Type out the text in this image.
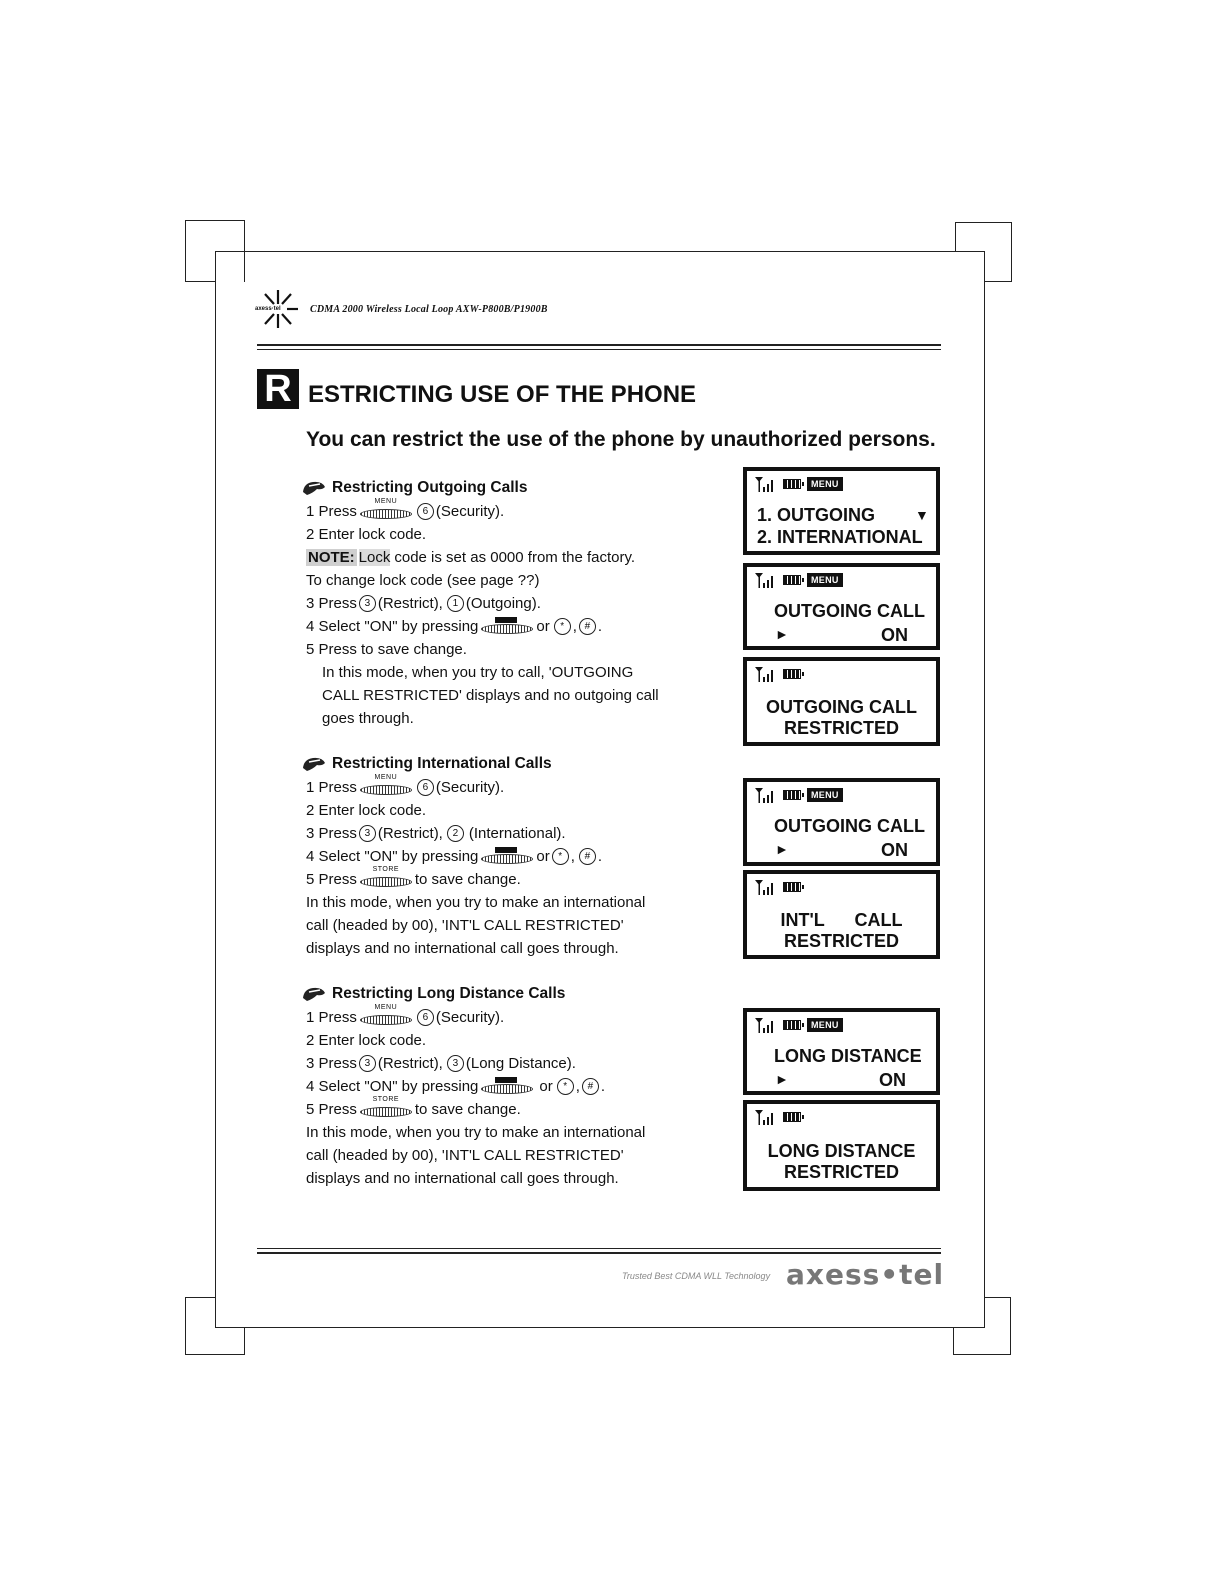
axess·tel	CDMA 2000 Wireless Local Loop AXW-P800B/P1900B
R ESTRICTING USE OF THE PHONE
You can restrict the use of the phone by unauthorized persons.
Restricting Outgoing Calls
1 Press
MENU
6 (Security).
2 Enter lock code.
NOTE: Lock code is set as 0000 from the factory.
To change lock code (see page ??)
3 Press 3 (Restrict), 1 (Outgoing).
4 Select "ON" by pressing	or	* , # .
5 Press to save change.
In this mode, when you try to call, 'OUTGOING
CALL RESTRICTED' displays and no outgoing call
goes through.
Restricting International Calls
1 Press
MENU
6 (Security).
2 Enter lock code.
3 Press 3 (Restrict), 2 (International).
4 Select "ON" by pressing	or * , # .
5 Press
STORE
to save change.
In this mode, when you try to make an international
call (headed by 00), 'INT'L CALL RESTRICTED'
displays and no international call goes through.
Restricting Long Distance Calls
1 Press
MENU
6 (Security).
2 Enter lock code.
3 Press 3 (Restrict), 3 (Long Distance).
4 Select "ON" by pressing	or	* , # .
5 Press
STORE
to save change.
In this mode, when you try to make an international
call (headed by 00), 'INT'L CALL RESTRICTED'
displays and no international call goes through.
MENU
1. OUTGOING	▼
2. INTERNATIONAL
MENU
OUTGOING CALL
►	ON
OUTGOING CALL
RESTRICTED
MENU
OUTGOING CALL
►	ON
INT'L      CALL
RESTRICTED
MENU
LONG DISTANCE
►	ON
LONG DISTANCE
RESTRICTED
Trusted Best CDMA WLL Technology axess•tel
